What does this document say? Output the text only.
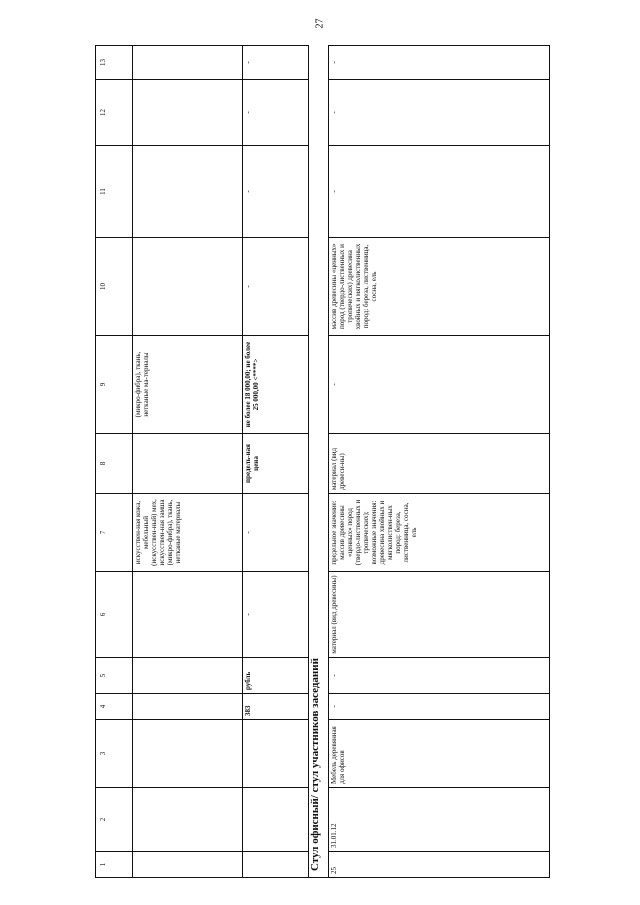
27
1
2
3
4
5
6
7
8
9
10
11
12
13
искусствен-ная кожа, мебельный (искусствен-ный) мех, искусствен-ная замша (микро-фибра), ткань, нетканые материалы
(микро-фибра), ткань, нетканые ма-териалы
383
рубль
-
-
предель-ная цена
не более 18 000,00; не более 25 000,00 <****>
-
-
-
-
Стул офисный/ стул участников заседаний 25
31.01.12
Мебель деревянная для офисов
-
-
материал (вид древесины)
предельное значение: массив древесины «ценных» пород (твердо-лиственных и тропических); возможные значения: древесина хвойных и мягколиствен-ных пород: береза, лиственница, сосна, ель
материал (вид древеси-ны)
-
массив древесины «ценных» пород (твердо-лиственных и тропических) древесина хвойных и мягколиственных пород: береза, лиственница, сосна, ель
-
-
-
